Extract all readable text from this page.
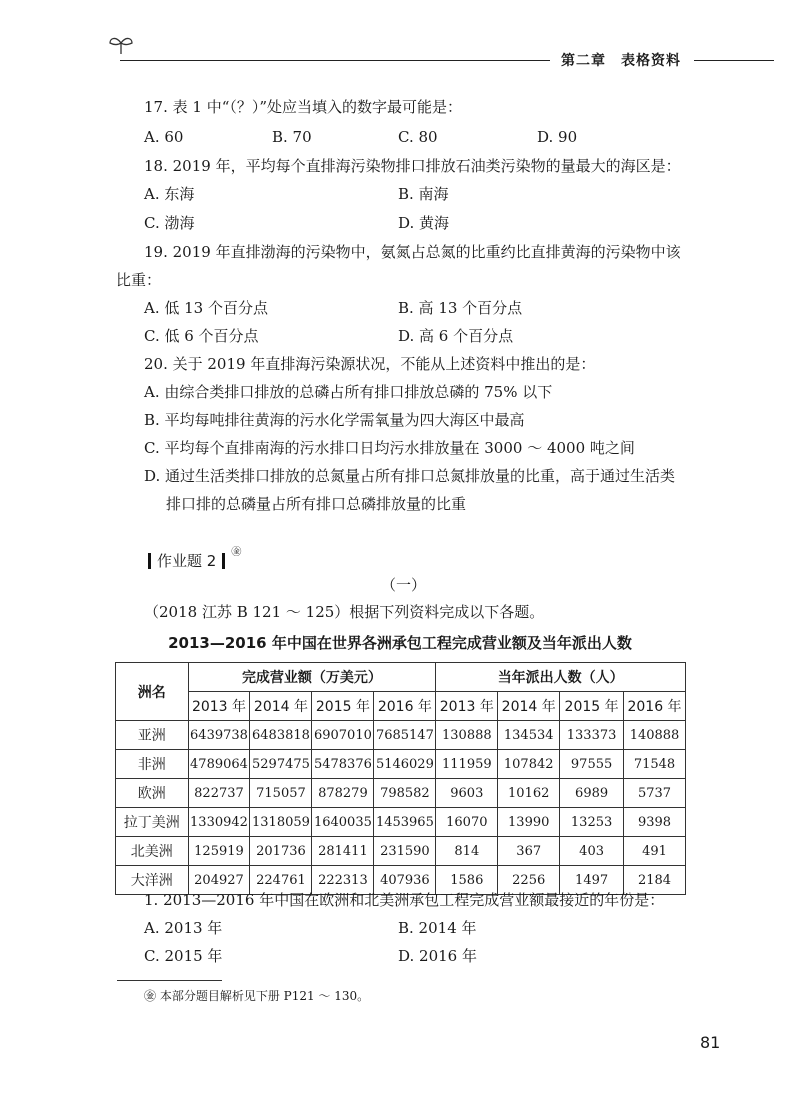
第二章　表格资料
17. 表 1 中“（？）”处应当填入的数字最可能是：
A. 60	B. 70	C. 80	D. 90
18. 2019 年，平均每个直排海污染物排口排放石油类污染物的量最大的海区是：
A. 东海	B. 南海
C. 渤海	D. 黄海
19. 2019 年直排渤海的污染物中，氨氮占总氮的比重约比直排黄海的污染物中该
比重：
A. 低 13 个百分点	B. 高 13 个百分点
C. 低 6 个百分点	D. 高 6 个百分点
20. 关于 2019 年直排海污染源状况，不能从上述资料中推出的是：
A. 由综合类排口排放的总磷占所有排口排放总磷的 75% 以下
B. 平均每吨排往黄海的污水化学需氧量为四大海区中最高
C. 平均每个直排南海的污水排口日均污水排放量在 3000 ～ 4000 吨之间
D. 通过生活类排口排放的总氮量占所有排口总氮排放量的比重，高于通过生活类
排口排的总磷量占所有排口总磷排放量的比重
作业题 2 ㊎
（一）
（2018 江苏 B 121 ～ 125）根据下列资料完成以下各题。
2013—2016 年中国在世界各洲承包工程完成营业额及当年派出人数
洲名	完成营业额（万美元）				当年派出人数（人）			
	2013 年	2014 年	2015 年	2016 年	2013 年	2014 年	2015 年	2016 年
亚洲	6439738	6483818	6907010	7685147	130888	134534	133373	140888
非洲	4789064	5297475	5478376	5146029	111959	107842	97555	71548
欧洲	822737	715057	878279	798582	9603	10162	6989	5737
拉丁美洲	1330942	1318059	1640035	1453965	16070	13990	13253	9398
北美洲	125919	201736	281411	231590	814	367	403	491
大洋洲	204927	224761	222313	407936	1586	2256	1497	2184
1. 2013—2016 年中国在欧洲和北美洲承包工程完成营业额最接近的年份是：
A. 2013 年	B. 2014 年
C. 2015 年	D. 2016 年
㊎ 本部分题目解析见下册 P121 ～ 130。
81
